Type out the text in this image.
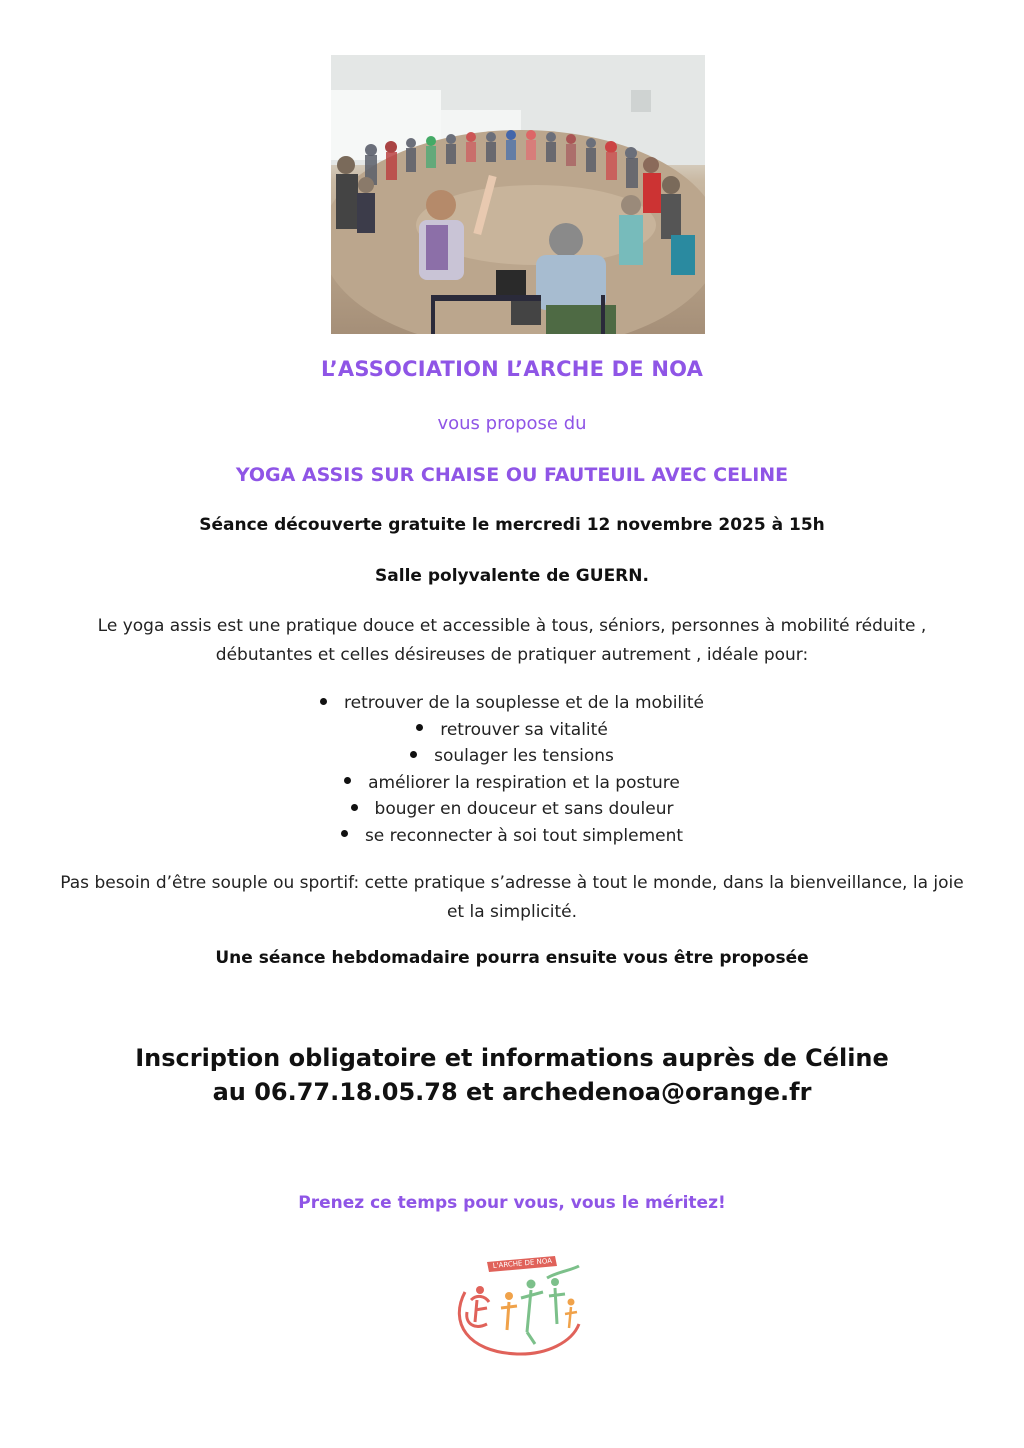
L’ASSOCIATION L’ARCHE DE NOA
vous propose du
YOGA ASSIS SUR CHAISE OU FAUTEUIL AVEC CELINE
Séance découverte gratuite le mercredi 12 novembre 2025 à 15h
Salle polyvalente de GUERN.
Le yoga assis est une pratique douce et accessible à tous, séniors, personnes à mobilité réduite ,
débutantes et celles désireuses de pratiquer autrement , idéale pour:
retrouver de la souplesse et de la mobilité
retrouver sa vitalité
soulager les tensions
améliorer la respiration et la posture
bouger en douceur et sans douleur
se reconnecter à soi tout simplement
Pas besoin d’être souple ou sportif: cette pratique s’adresse à tout le monde, dans la bienveillance, la joie
et la simplicité.
Une séance hebdomadaire pourra ensuite vous être proposée
Inscription obligatoire et informations auprès de Céline
au 06.77.18.05.78 et archedenoa@orange.fr
Prenez ce temps pour vous, vous le méritez!
L'ARCHE DE NOA
